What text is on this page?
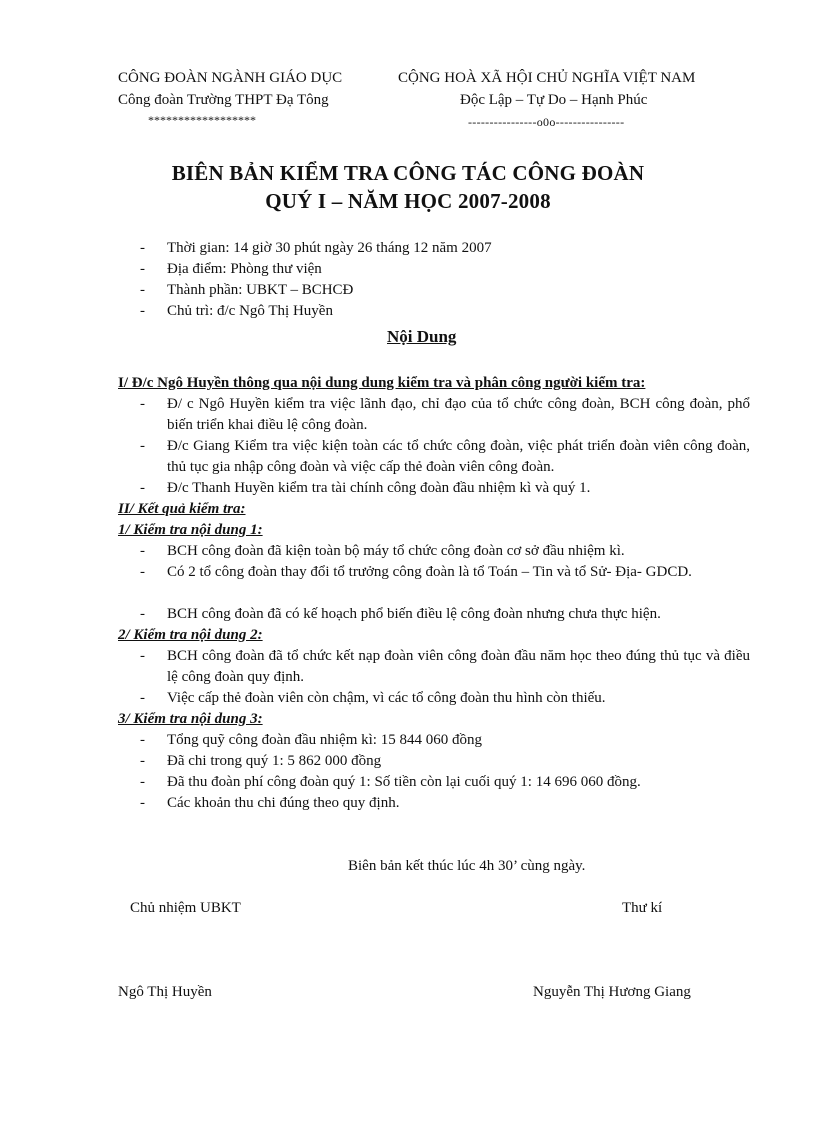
CÔNG ĐOÀN NGÀNH GIÁO DỤC
Công đoàn Trường THPT Đạ Tông
******************
CỘNG HOÀ XÃ HỘI CHỦ NGHĨA VIỆT NAM
Độc Lập – Tự Do – Hạnh Phúc
----------------o0o----------------
BIÊN BẢN KIỂM TRA CÔNG TÁC CÔNG ĐOÀN
QUÝ I – NĂM HỌC 2007-2008
- Thời gian: 14 giờ 30 phút ngày 26 tháng 12 năm 2007
- Địa điểm: Phòng thư viện
- Thành phần: UBKT – BCHCĐ
- Chủ trì: đ/c Ngô Thị Huyền
Nội Dung
I/ Đ/c Ngô Huyền thông qua nội dung dung kiểm tra và phân công người kiểm tra:
- Đ/ c Ngô Huyền kiểm tra việc lãnh đạo, chỉ đạo của tổ chức công đoàn, BCH công đoàn, phổ biến triển khai điều lệ công đoàn.
- Đ/c Giang Kiểm tra việc kiện toàn các tổ chức công đoàn, việc phát triển đoàn viên công đoàn, thủ tục gia nhập công đoàn và việc cấp thẻ đoàn viên công đoàn.
- Đ/c Thanh Huyền kiểm tra tài chính công đoàn đầu nhiệm kì và quý 1.
II/ Kết quả kiểm tra:
1/ Kiểm tra nội dung 1:
- BCH công đoàn đã kiện toàn bộ máy tổ chức công đoàn cơ sở đầu nhiệm kì.
- Có 2 tổ công đoàn thay đổi tổ trưởng công đoàn là tổ Toán – Tin và tổ Sử- Địa- GDCD.
- BCH công đoàn đã có kế hoạch phổ biến điều lệ công đoàn nhưng chưa thực hiện.
2/ Kiểm tra nội dung 2:
- BCH công đoàn đã tổ chức kết nạp đoàn viên công đoàn đầu năm học theo đúng thủ tục và điều lệ công đoàn quy định.
- Việc cấp thẻ đoàn viên còn chậm, vì các tổ công đoàn thu hình còn thiếu.
3/ Kiểm tra nội dung 3:
- Tổng quỹ công đoàn đầu nhiệm kì: 15 844 060 đồng
- Đã chi trong quý 1: 5 862 000 đồng
- Đã thu đoàn phí công đoàn quý 1: Số tiền còn lại cuối quý 1: 14 696 060 đồng.
- Các khoản thu chi đúng theo quy định.
Biên bản kết thúc lúc 4h 30’ cùng ngày.
Chủ nhiệm UBKT	Thư kí
Ngô Thị Huyền	Nguyễn Thị Hương Giang
